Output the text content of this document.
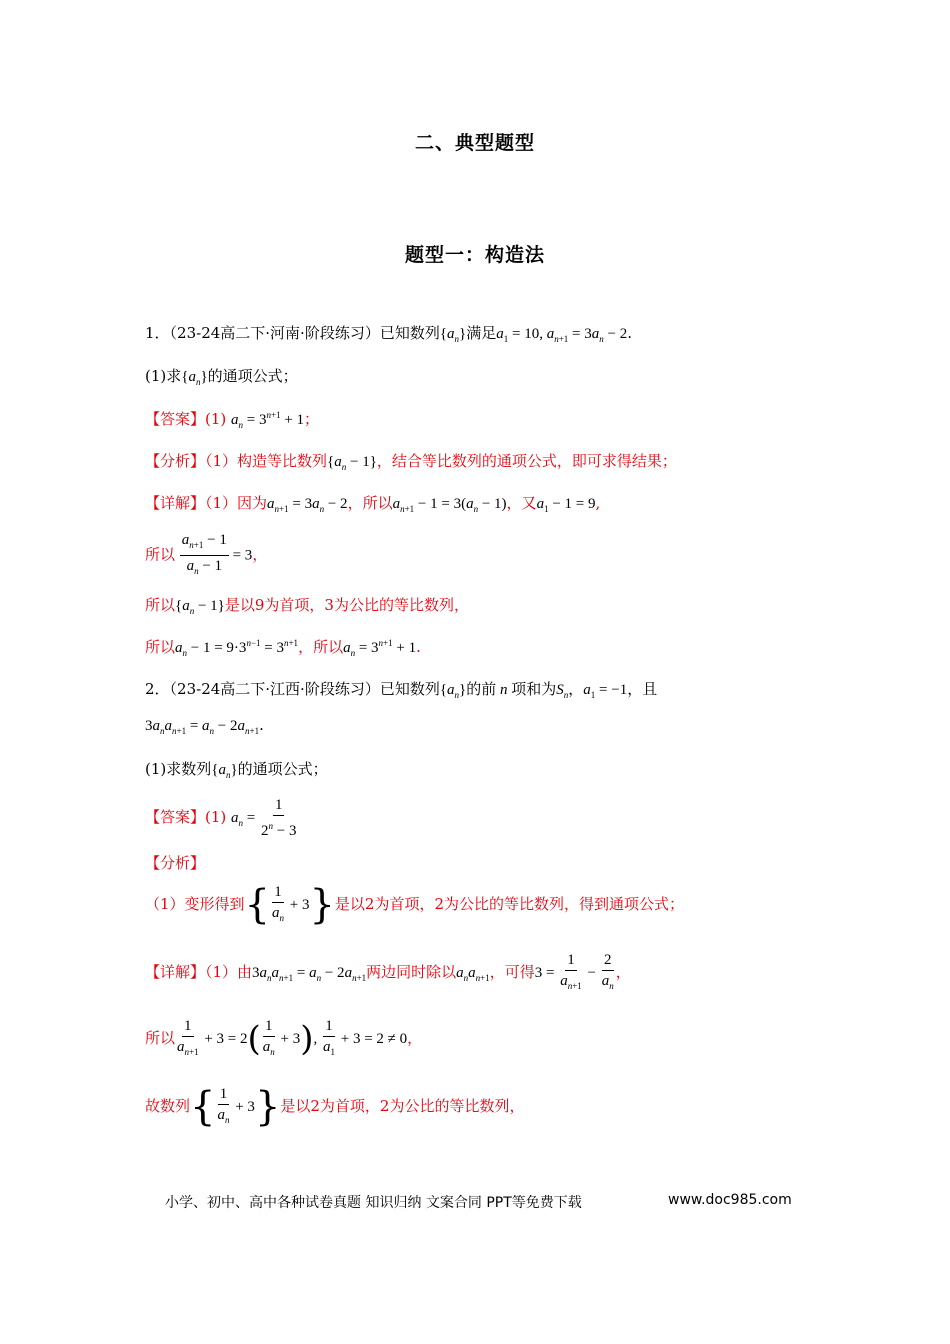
二、典型题型
题型一：构造法
1．（23-24高二下·河南·阶段练习）已知数列$\{a_n\}$满足$a_1 = 10$, $a_{n+1} = 3a_n - 2$.
(1)求$\{a_n\}$的通项公式；
【答案】(1) $a_n = 3^{n+1} + 1$；
【分析】（1）构造等比数列$\{a_n - 1\}$，结合等比数列的通项公式，即可求得结果；
【详解】（1）因为$a_{n+1} = 3a_n - 2$，所以$a_{n+1} - 1 = 3(a_n - 1)$，又$a_1 - 1 = 9$,
所以 $\frac{a_{n+1} - 1}{a_n - 1} = 3$，
所以$\{a_n - 1\}$是以9为首项，3为公比的等比数列，
所以$a_n - 1 = 9\cdot 3^{n-1} = 3^{n+1}$，所以$a_n = 3^{n+1} + 1$.
2．（23-24高二下·江西·阶段练习）已知数列$\{a_n\}$的前 n 项和为$S_n$，$a_1 = -1$，且
$3a_na_{n+1} = a_n - 2a_{n+1}$.
(1)求数列$\{a_n\}$的通项公式；
【答案】(1) $a_n = \frac{1}{2^n - 3}$
【分析】
（1）变形得到{ $\frac{1}{a_n} + 3$}是以2为首项，2为公比的等比数列，得到通项公式；
【详解】（1）由$3a_na_{n+1} = a_n - 2a_{n+1}$两边同时除以$a_na_{n+1}$，可得$3 = \frac{1}{a_{n+1}} - \frac{2}{a_n}$ ，
所以 $\frac{1}{a_{n+1}} + 3 = 2( \frac{1}{a_n} + 3)$, $\frac{1}{a_1} + 3 = 2 \ne 0$，
故数列{ $\frac{1}{a_n} + 3$}是以2为首项，2为公比的等比数列，
小学、初中、高中各种试卷真题 知识归纳 文案合同 PPT等免费下载	www.doc985.com
